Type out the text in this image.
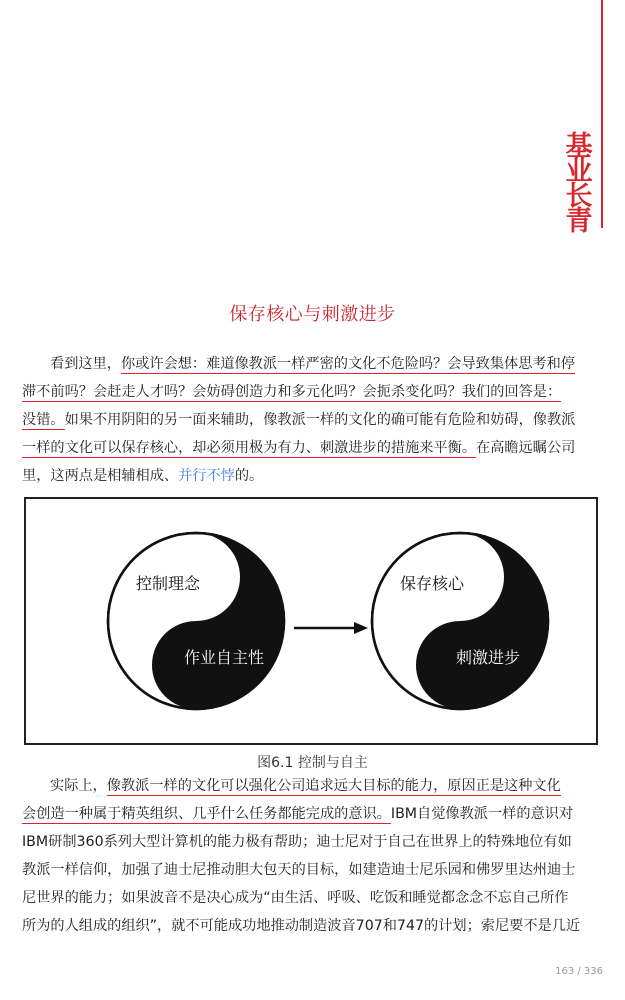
基
业
长
青
保存核心与刺激进步
看到这里，你或许会想：难道像教派一样严密的文化不危险吗？会导致集体思考和停
滞不前吗？会赶走人才吗？会妨碍创造力和多元化吗？会扼杀变化吗？我们的回答是：
没错。如果不用阴阳的另一面来辅助，像教派一样的文化的确可能有危险和妨碍，像教派
一样的文化可以保存核心，却必须用极为有力、刺激进步的措施来平衡。在高瞻远瞩公司
里，这两点是相辅相成、并行不悖的。
控制理念
作业自主性
保存核心
刺激进步
图6.1 控制与自主
实际上，像教派一样的文化可以强化公司追求远大目标的能力，原因正是这种文化
会创造一种属于精英组织、几乎什么任务都能完成的意识。IBM自觉像教派一样的意识对
IBM研制360系列大型计算机的能力极有帮助；迪士尼对于自己在世界上的特殊地位有如
教派一样信仰，加强了迪士尼推动胆大包天的目标，如建造迪士尼乐园和佛罗里达州迪士
尼世界的能力；如果波音不是决心成为“由生活、呼吸、吃饭和睡觉都念念不忘自己所作
所为的人组成的组织”，就不可能成功地推动制造波音707和747的计划；索尼要不是几近
163 / 336
